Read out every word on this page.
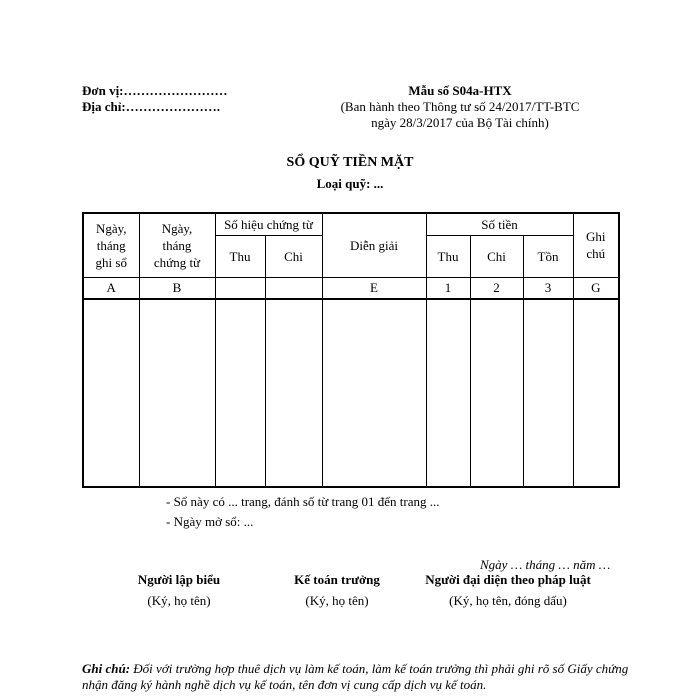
Đơn vị:……………………
Địa chỉ:………………….
Mẫu số S04a-HTX
(Ban hành theo Thông tư số 24/2017/TT-BTC
ngày 28/3/2017 của Bộ Tài chính)
SỔ QUỸ TIỀN MẶT
Loại quỹ: ...
Ngày,
tháng
ghi sổ	Ngày,
tháng
chứng từ	Số hiệu chứng từ		Diễn giải	Số tiền			Ghi
chú
		Thu	Chi		Thu	Chi	Tồn	
A	B			E	1	2	3	G

- Sổ này có ... trang, đánh số từ trang 01 đến trang ...
- Ngày mở sổ: ...
Ngày … tháng … năm …
Người lập biểu
(Ký, họ tên)
Kế toán trưởng
(Ký, họ tên)
Người đại diện theo pháp luật
(Ký, họ tên, đóng dấu)
Ghi chú: Đối với trường hợp thuê dịch vụ làm kế toán, làm kế toán trưởng thì phải ghi rõ số Giấy chứng nhận đăng ký hành nghề dịch vụ kế toán, tên đơn vị cung cấp dịch vụ kế toán.
